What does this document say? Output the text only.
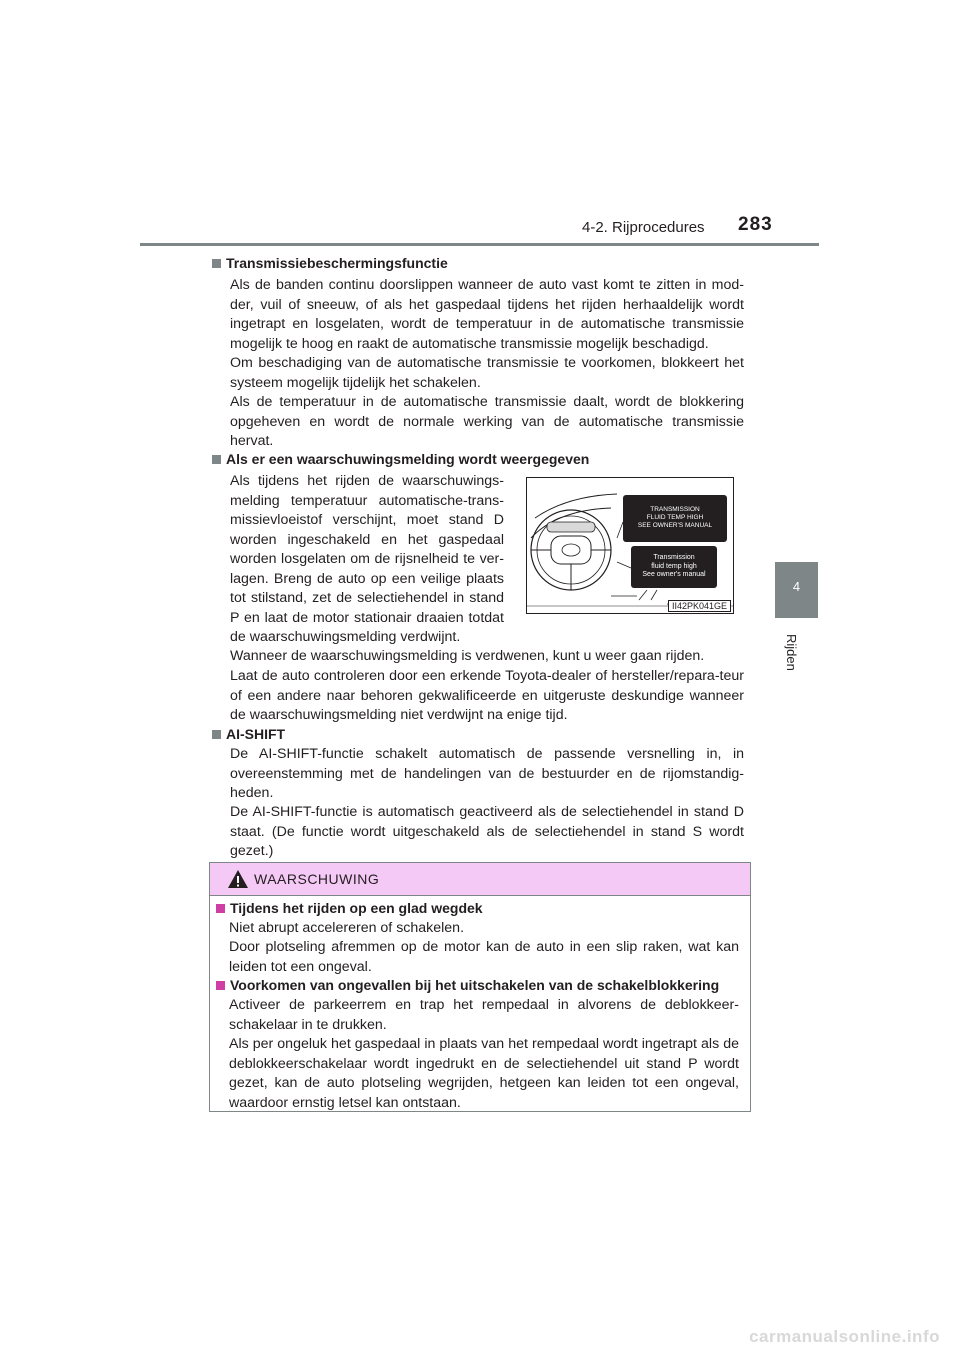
4-2. Rijprocedures 283
4
Rijden
Transmissiebeschermingsfunctie
Als de banden continu doorslippen wanneer de auto vast komt te zitten in mod-der, vuil of sneeuw, of als het gaspedaal tijdens het rijden herhaaldelijk wordt ingetrapt en losgelaten, wordt de temperatuur in de automatische transmissie mogelijk te hoog en raakt de automatische transmissie mogelijk beschadigd.
Om beschadiging van de automatische transmissie te voorkomen, blokkeert het systeem mogelijk tijdelijk het schakelen.
Als de temperatuur in de automatische transmissie daalt, wordt de blokkering opgeheven en wordt de normale werking van de automatische transmissie hervat.
Als er een waarschuwingsmelding wordt weergegeven
Als tijdens het rijden de waarschuwings-melding temperatuur automatische-trans-missievloeistof verschijnt, moet stand D worden ingeschakeld en het gaspedaal worden losgelaten om de rijsnelheid te ver-lagen. Breng de auto op een veilige plaats tot stilstand, zet de selectiehendel in stand P en laat de motor stationair draaien totdat de waarschuwingsmelding verdwijnt.
TRANSMISSION
FLUID TEMP HIGH
SEE OWNER'S MANUAL
Transmission
fluid temp high
See owner's manual
II42PK041GE
Wanneer de waarschuwingsmelding is verdwenen, kunt u weer gaan rijden.
Laat de auto controleren door een erkende Toyota-dealer of hersteller/repara-teur of een andere naar behoren gekwalificeerde en uitgeruste deskundige wanneer de waarschuwingsmelding niet verdwijnt na enige tijd.
AI-SHIFT
De AI-SHIFT-functie schakelt automatisch de passende versnelling in, in overeenstemming met de handelingen van de bestuurder en de rijomstandig-heden.
De AI-SHIFT-functie is automatisch geactiveerd als de selectiehendel in stand D staat. (De functie wordt uitgeschakeld als de selectiehendel in stand S wordt gezet.)
WAARSCHUWING
Tijdens het rijden op een glad wegdek
Niet abrupt accelereren of schakelen.
Door plotseling afremmen op de motor kan de auto in een slip raken, wat kan leiden tot een ongeval.
Voorkomen van ongevallen bij het uitschakelen van de schakelblokkering
Activeer de parkeerrem en trap het rempedaal in alvorens de deblokkeer-schakelaar in te drukken.
Als per ongeluk het gaspedaal in plaats van het rempedaal wordt ingetrapt als de deblokkeerschakelaar wordt ingedrukt en de selectiehendel uit stand P wordt gezet, kan de auto plotseling wegrijden, hetgeen kan leiden tot een ongeval, waardoor ernstig letsel kan ontstaan.
carmanualsonline.info
